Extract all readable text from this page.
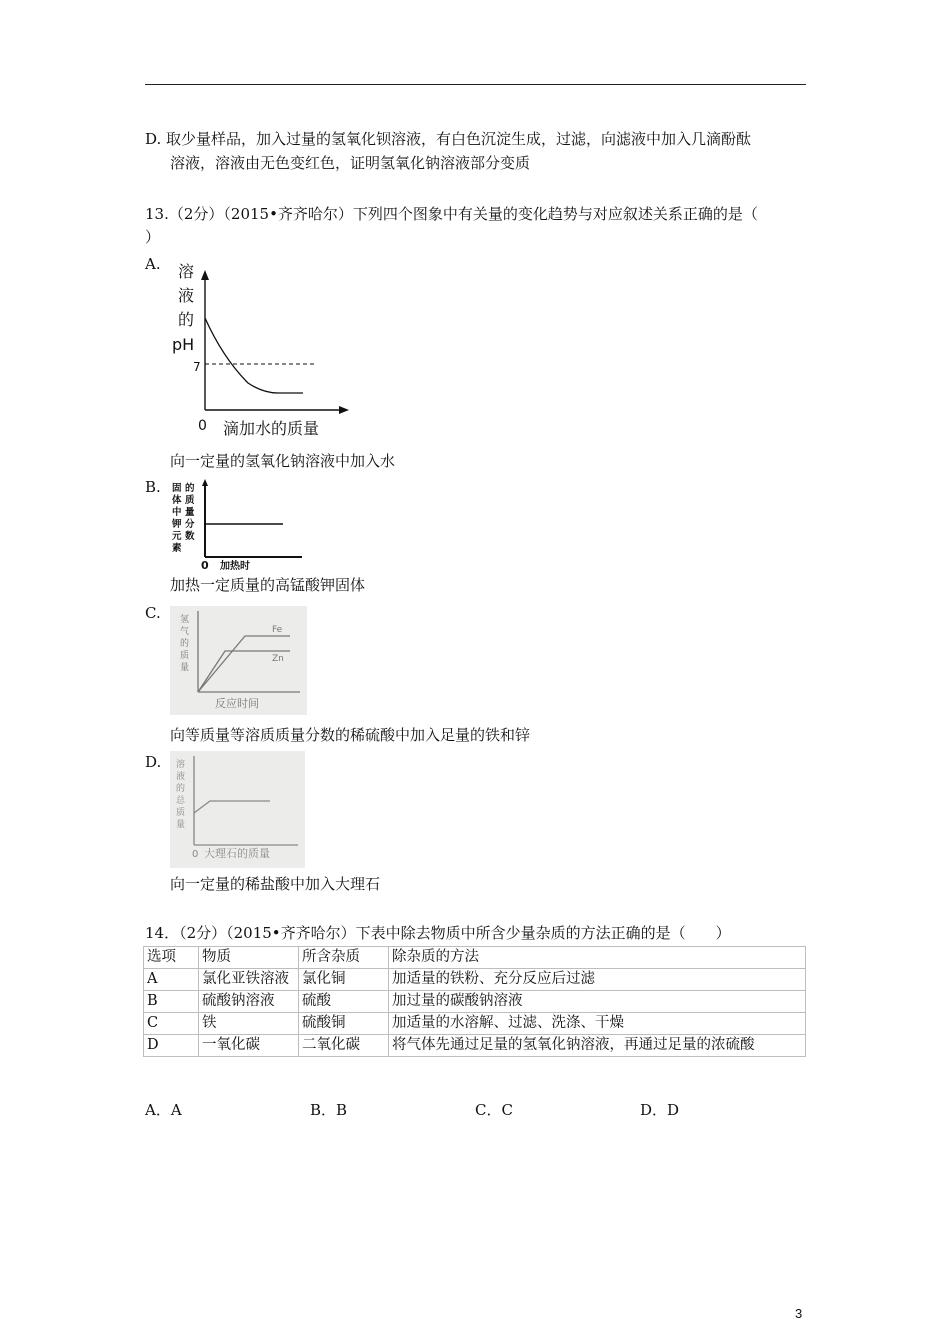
D. 取少量样品，加入过量的氢氧化钡溶液，有白色沉淀生成，过滤，向滤液中加入几滴酚酞
溶液，溶液由无色变红色，证明氢氧化钠溶液部分变质
13.（2分）（2015•齐齐哈尔）下列四个图象中有关量的变化趋势与对应叙述关系正确的是（
）
A. 溶
液
的
pH
7
0 滴加水的质量
向一定量的氢氧化钠溶液中加入水
B. 固
体
中
钾
元
素
的
质
量
分
数
0 加热时
加热一定质量的高锰酸钾固体
C. 氢
气
的
质
量
Fe
Zn
反应时间
向等质量等溶质质量分数的稀硫酸中加入足量的铁和锌
D. 溶
液
的
总
质
量
0 大理石的质量
向一定量的稀盐酸中加入大理石
14．（2分）（2015•齐齐哈尔）下表中除去物质中所含少量杂质的方法正确的是（　　）
选项	物质	所含杂质	除杂质的方法
A	氯化亚铁溶液	氯化铜	加适量的铁粉、充分反应后过滤
B	硫酸钠溶液	硫酸	加过量的碳酸钠溶液
C	铁	硫酸铜	加适量的水溶解、过滤、洗涤、干燥
D	一氧化碳	二氧化碳	将气体先通过足量的氢氧化钠溶液，再通过足量的浓硫酸
A．A	B．B	C．C	D．D
3
